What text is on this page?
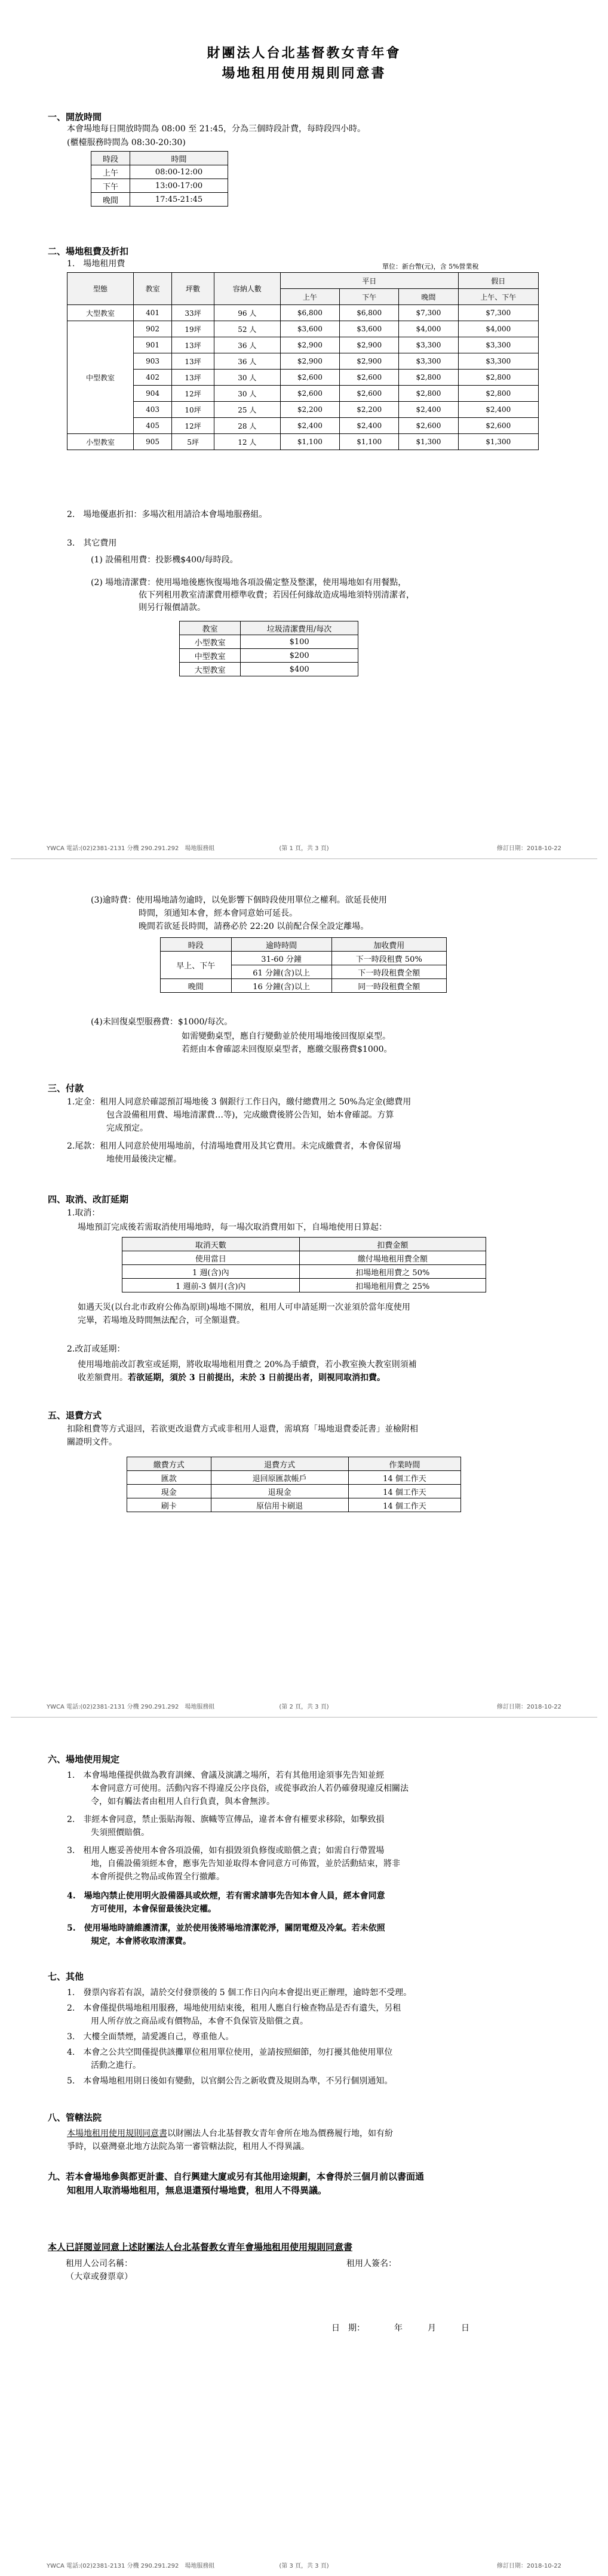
財團法人台北基督教女青年會
場地租用使用規則同意書
一、開放時間
本會場地每日開放時間為 08:00 至 21:45，分為三個時段計費，每時段四小時。
(櫃檯服務時間為 08:30-20:30)
時段	時間
上午	08:00-12:00
下午	13:00-17:00
晚間	17:45-21:45
二、場地租費及折扣
1.　場地租用費	單位：新台幣(元)，含 5%營業稅
型態	教室	坪數	容納人數	平日			假日
				上午	下午	晚間	上午、下午
大型教室	401	33坪	96 人	$6,800	$6,800	$7,300	$7,300
中型教室	902	19坪	52 人	$3,600	$3,600	$4,000	$4,000
	901	13坪	36 人	$2,900	$2,900	$3,300	$3,300
	903	13坪	36 人	$2,900	$2,900	$3,300	$3,300
	402	13坪	30 人	$2,600	$2,600	$2,800	$2,800
	904	12坪	30 人	$2,600	$2,600	$2,800	$2,800
	403	10坪	25 人	$2,200	$2,200	$2,400	$2,400
	405	12坪	28 人	$2,400	$2,400	$2,600	$2,600
小型教室	905	5坪	12 人	$1,100	$1,100	$1,300	$1,300
2.　場地優惠折扣：多場次租用請洽本會場地服務組。
3.　其它費用
(1) 設備租用費：投影機$400/每時段。
(2) 場地清潔費：使用場地後應恢復場地各項設備定整及整潔，使用場地如有用餐點，
依下列租用教室清潔費用標準收費；若因任何緣故造成場地須特別清潔者，
則另行報價請款。
教室	垃圾清潔費用/每次
小型教室	$100
中型教室	$200
大型教室	$400
YWCA 電話:(02)2381-2131 分機 290.291.292　場地服務組	(第 1 頁，共 3 頁)	修訂日期：2018-10-22
(3)逾時費：使用場地請勿逾時，以免影響下個時段使用單位之權利。欲延長使用
時間，須通知本會，經本會同意始可延長。
晚間若欲延長時間，請務必於 22:20 以前配合保全設定離場。
時段	逾時時間	加收費用
早上、下午	31-60 分鐘	下一時段租費 50%
	61 分鐘(含)以上	下一時段租費全額
晚間	16 分鐘(含)以上	同一時段租費全額
(4)未回復桌型服務費：$1000/每次。
如需變動桌型，應自行變動並於使用場地後回復原桌型。
若經由本會確認未回復原桌型者，應繳交服務費$1000。
三、付款
1.定金：租用人同意於確認預訂場地後 3 個銀行工作日內，繳付總費用之 50%為定金(總費用
包含設備租用費、場地清潔費…等)，完成繳費後將公告知，始本會確認。方算
完成預定。
2.尾款：租用人同意於使用場地前，付清場地費用及其它費用。未完成繳費者，本會保留場
地使用最後決定權。
四、取消、改訂延期
1.取消：
場地預訂完成後若需取消使用場地時，每一場次取消費用如下，自場地使用日算起：
取消天數	扣費金額
使用當日	繳付場地租用費全額
1 週(含)內	扣場地租用費之 50%
1 週前-3 個月(含)內	扣場地租用費之 25%
如遇天災(以台北市政府公佈為原則)場地不開放，租用人可申請延期一次並須於當年度使用
完畢，若場地及時間無法配合，可全額退費。
2.改訂或延期：
使用場地前改訂教室或延期，將收取場地租用費之 20%為手續費，若小教室換大教室則須補
收差額費用。若欲延期，須於 3 日前提出，未於 3 日前提出者，則視同取消扣費。
五、退費方式
扣除租費等方式退回，若欲更改退費方式或非租用人退費，需填寫「場地退費委託書」並檢附相
關證明文件。
繳費方式	退費方式	作業時間
匯款	退回原匯款帳戶	14 個工作天
現金	退現金	14 個工作天
刷卡	原信用卡刷退	14 個工作天
YWCA 電話:(02)2381-2131 分機 290.291.292　場地服務組	(第 2 頁，共 3 頁)	修訂日期：2018-10-22
六、場地使用規定
1.　本會場地僅提供做為教育訓練、會議及演講之場所，若有其他用途須事先告知並經
本會同意方可使用。活動內容不得違反公序良俗，或從事政治人若仍確發現違反相關法
令，如有觸法者由租用人自行負責，與本會無涉。
2.　非經本會同意，禁止張貼海報、旗幟等宣傳品，違者本會有權要求移除，如擊致損
失須照價賠償。
3.　租用人應妥善使用本會各項設備，如有損毀須負修復或賠償之責；如需自行帶置場
地，自備設備須經本會，應事先告知並取得本會同意方可佈置，並於活動結束，將非
本會所提供之物品或佈置全行撤離。
4.　場地內禁止使用明火設備器具或炊煙，若有需求請事先告知本會人員，經本會同意
方可使用，本會保留最後決定權。
5.　使用場地時請維護清潔，並於使用後將場地清潔乾淨，關閉電燈及冷氣。若未依照
規定，本會將收取清潔費。
七、其他
1.　發票內容若有誤，請於交付發票後的 5 個工作日內向本會提出更正辦理，逾時恕不受理。
2.　本會僅提供場地租用服務，場地使用結束後，租用人應自行檢查物品是否有遺失，另租
用人所存放之商品或有價物品，本會不負保管及賠償之責。
3.　大樓全面禁煙，請愛護自己，尊重他人。
4.　本會之公共空間僅提供該攤單位租用單位使用，並請按照細節，勿打擾其他使用單位
活動之進行。
5.　本會場地租用則日後如有變動，以官網公告之新收費及規則為準，不另行個別通知。
八、管轄法院
本場地租用使用規則同意書以財團法人台北基督教女青年會所在地為價務履行地，如有紛
爭時，以臺灣臺北地方法院為第一審管轄法院，租用人不得異議。
九、若本會場地參與都更計畫、自行興建大廈或另有其他用途規劃，本會得於三個月前以書面通
知租用人取消場地租用，無息退還預付場地費，租用人不得異議。
本人已詳閱並同意上述財團法人台北基督教女青年會場地租用使用規則同意書
租用人公司名稱：
（大章或發票章）
租用人簽名：
日　期：　　　　年　　　月　　　日
YWCA 電話:(02)2381-2131 分機 290.291.292　場地服務組	(第 3 頁，共 3 頁)	修訂日期：2018-10-22
